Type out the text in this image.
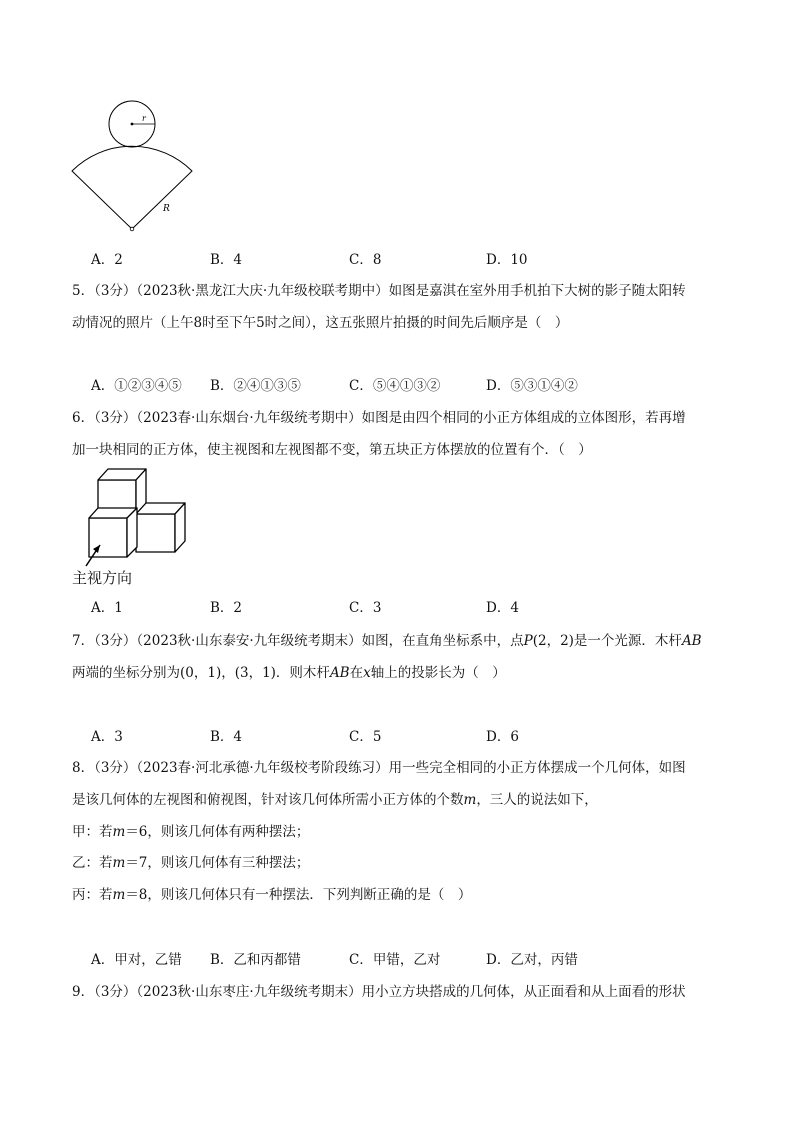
r
R
A．2	B．4	C．8	D．10
5．（3分）（2023秋·黑龙江大庆·九年级校联考期中）如图是嘉淇在室外用手机拍下大树的影子随太阳转
动情况的照片（上午8时至下午5时之间），这五张照片拍摄的时间先后顺序是（　）
A．①②③④⑤ B．②④①③⑤	C．⑤④①③②	D．⑤③①④②
6．（3分）（2023春·山东烟台·九年级统考期中）如图是由四个相同的小正方体组成的立体图形，若再增
加一块相同的正方体，使主视图和左视图都不变，第五块正方体摆放的位置有个．（　）
主视方向
A．1	B．2	C．3	D．4
7．（3分）（2023秋·山东泰安·九年级统考期末）如图，在直角坐标系中，点P(2，2)是一个光源．木杆AB
两端的坐标分别为(0，1)，(3，1)．则木杆AB在x轴上的投影长为（　）
A．3	B．4	C．5	D．6
8．（3分）（2023春·河北承德·九年级校考阶段练习）用一些完全相同的小正方体摆成一个几何体，如图
是该几何体的左视图和俯视图，针对该几何体所需小正方体的个数m，三人的说法如下，
甲：若m＝6，则该几何体有两种摆法；
乙：若m＝7，则该几何体有三种摆法；
丙：若m＝8，则该几何体只有一种摆法．下列判断正确的是（　）
A．甲对，乙错 B．乙和丙都错	C．甲错，乙对	D．乙对，丙错
9．（3分）（2023秋·山东枣庄·九年级统考期末）用小立方块搭成的几何体，从正面看和从上面看的形状
